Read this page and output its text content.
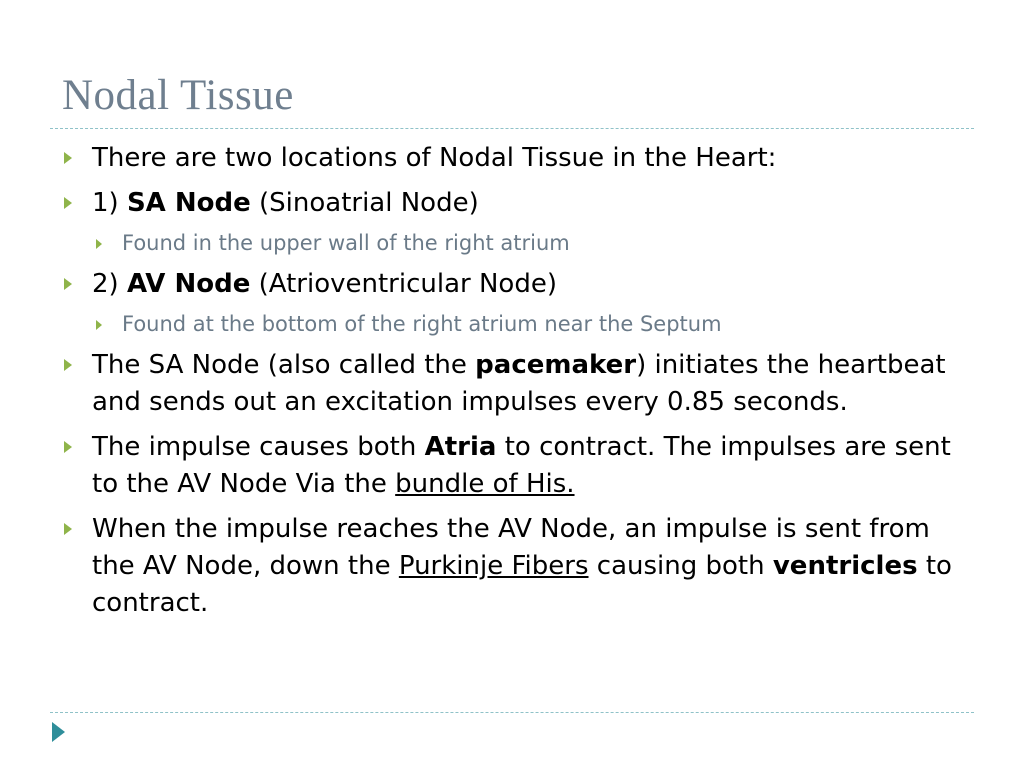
Nodal Tissue
There are two locations of Nodal Tissue in the Heart:
1) SA Node (Sinoatrial Node)
Found in the upper wall of the right atrium
2) AV Node (Atrioventricular Node)
Found at the bottom of the right atrium near the Septum
The SA Node (also called the pacemaker) initiates the heartbeat and sends out an excitation impulses every 0.85 seconds.
The impulse causes both Atria to contract. The impulses are sent to the AV Node Via the bundle of His.
When the impulse reaches the AV Node, an impulse is sent from the AV Node, down the Purkinje Fibers causing both ventricles to contract.
